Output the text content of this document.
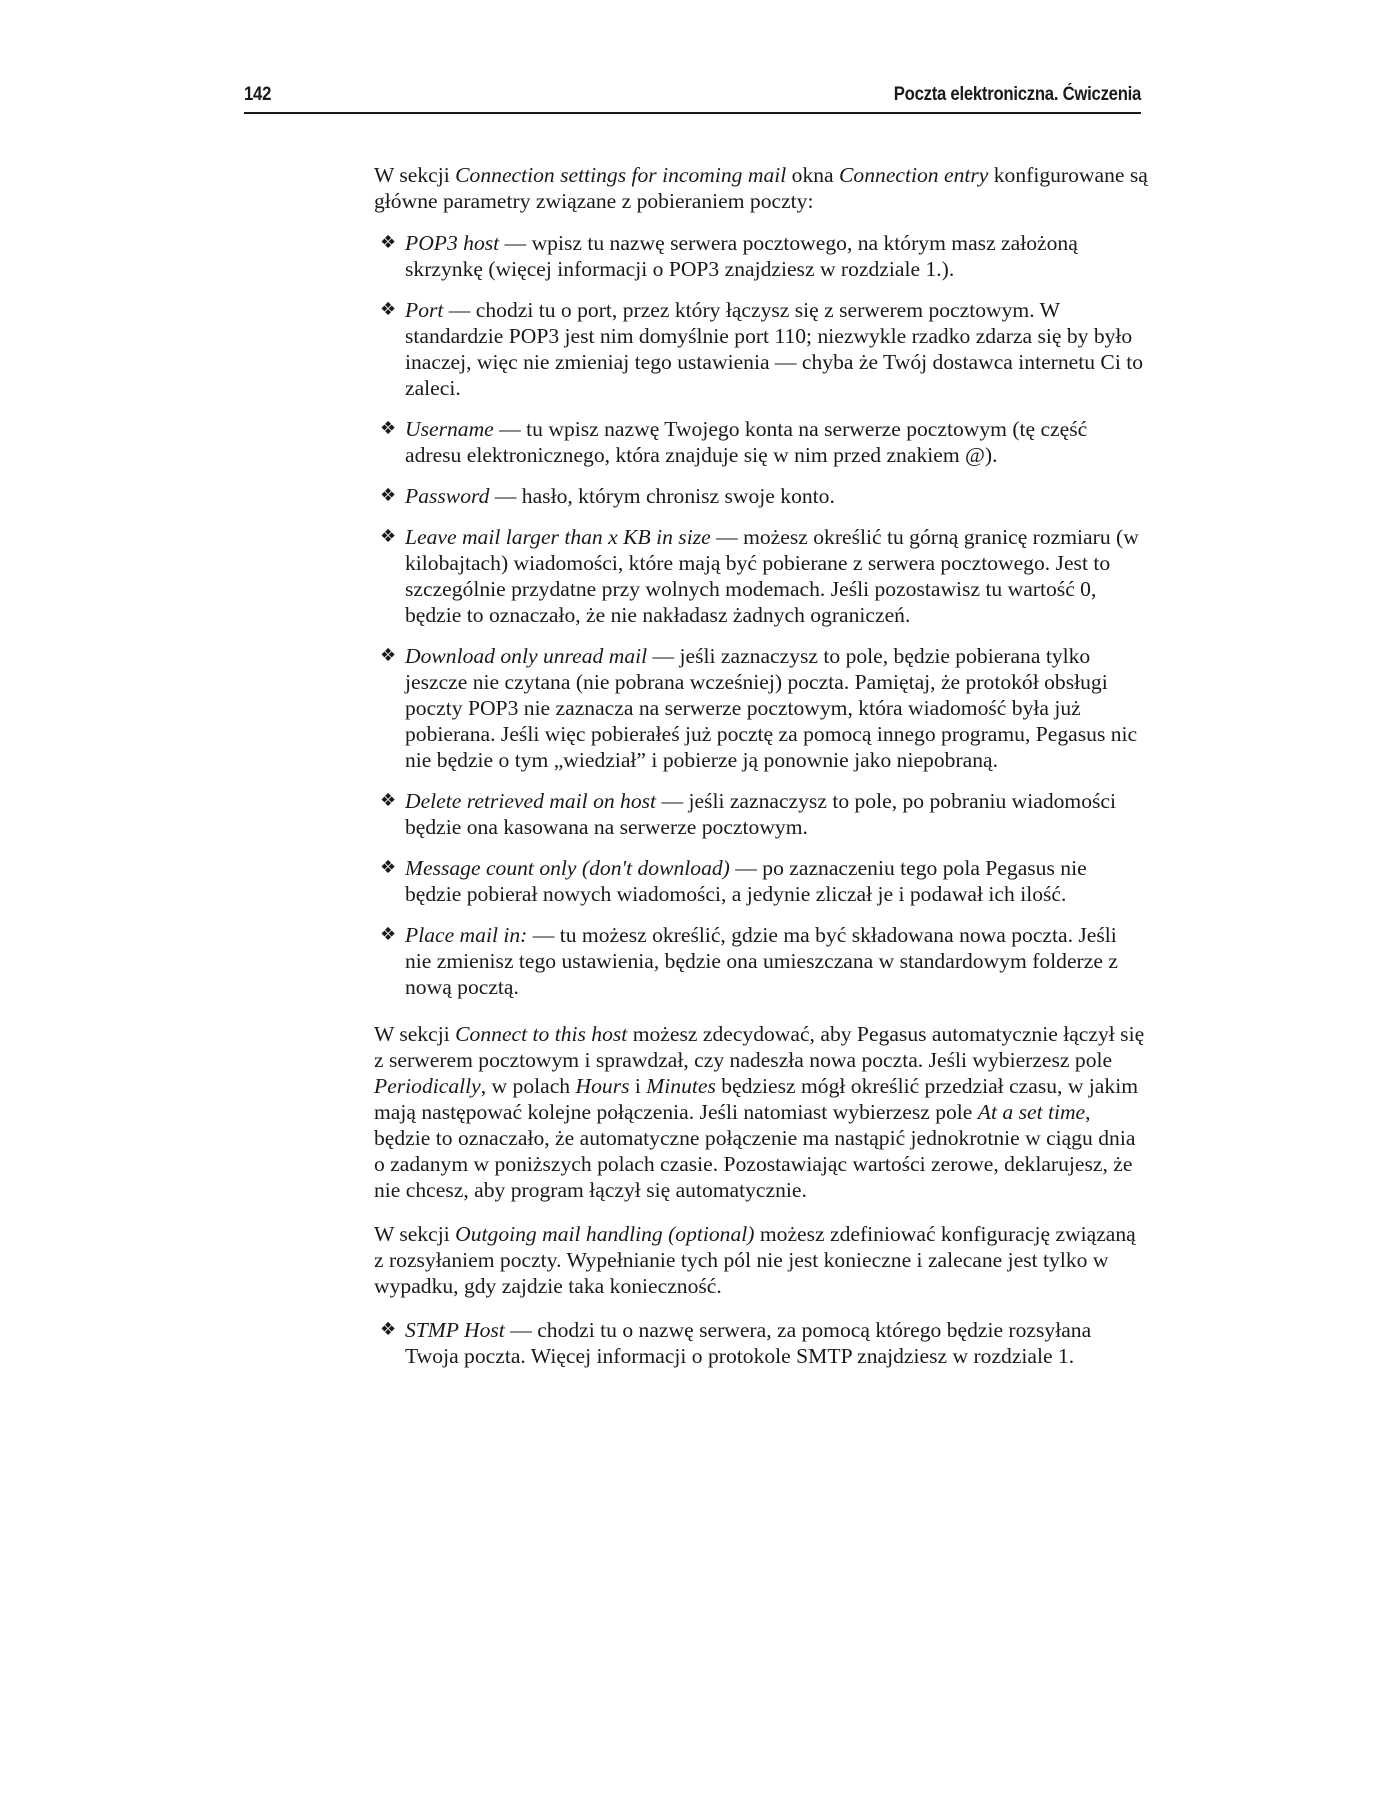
142	Poczta elektroniczna. Ćwiczenia

W sekcji Connection settings for incoming mail okna Connection entry konfigurowane są główne parametry związane z pobieraniem poczty:

❖ POP3 host — wpisz tu nazwę serwera pocztowego, na którym masz założoną skrzynkę (więcej informacji o POP3 znajdziesz w rozdziale 1.).
❖ Port — chodzi tu o port, przez który łączysz się z serwerem pocztowym. W standardzie POP3 jest nim domyślnie port 110; niezwykle rzadko zdarza się by było inaczej, więc nie zmieniaj tego ustawienia — chyba że Twój dostawca internetu Ci to zaleci.
❖ Username — tu wpisz nazwę Twojego konta na serwerze pocztowym (tę część adresu elektronicznego, która znajduje się w nim przed znakiem @).
❖ Password — hasło, którym chronisz swoje konto.
❖ Leave mail larger than x KB in size — możesz określić tu górną granicę rozmiaru (w kilobajtach) wiadomości, które mają być pobierane z serwera pocztowego. Jest to szczególnie przydatne przy wolnych modemach. Jeśli pozostawisz tu wartość 0, będzie to oznaczało, że nie nakładasz żadnych ograniczeń.
❖ Download only unread mail — jeśli zaznaczysz to pole, będzie pobierana tylko jeszcze nie czytana (nie pobrana wcześniej) poczta. Pamiętaj, że protokół obsługi poczty POP3 nie zaznacza na serwerze pocztowym, która wiadomość była już pobierana. Jeśli więc pobierałeś już pocztę za pomocą innego programu, Pegasus nic nie będzie o tym „wiedział” i pobierze ją ponownie jako niepobraną.
❖ Delete retrieved mail on host — jeśli zaznaczysz to pole, po pobraniu wiadomości będzie ona kasowana na serwerze pocztowym.
❖ Message count only (don't download) — po zaznaczeniu tego pola Pegasus nie będzie pobierał nowych wiadomości, a jedynie zliczał je i podawał ich ilość.
❖ Place mail in: — tu możesz określić, gdzie ma być składowana nowa poczta. Jeśli nie zmienisz tego ustawienia, będzie ona umieszczana w standardowym folderze z nową pocztą.

W sekcji Connect to this host możesz zdecydować, aby Pegasus automatycznie łączył się z serwerem pocztowym i sprawdzał, czy nadeszła nowa poczta. Jeśli wybierzesz pole Periodically, w polach Hours i Minutes będziesz mógł określić przedział czasu, w jakim mają następować kolejne połączenia. Jeśli natomiast wybierzesz pole At a set time, będzie to oznaczało, że automatyczne połączenie ma nastąpić jednokrotnie w ciągu dnia o zadanym w poniższych polach czasie. Pozostawiając wartości zerowe, deklarujesz, że nie chcesz, aby program łączył się automatycznie.

W sekcji Outgoing mail handling (optional) możesz zdefiniować konfigurację związaną z rozsyłaniem poczty. Wypełnianie tych pól nie jest konieczne i zalecane jest tylko w wypadku, gdy zajdzie taka konieczność.

❖ STMP Host — chodzi tu o nazwę serwera, za pomocą którego będzie rozsyłana Twoja poczta. Więcej informacji o protokole SMTP znajdziesz w rozdziale 1.
